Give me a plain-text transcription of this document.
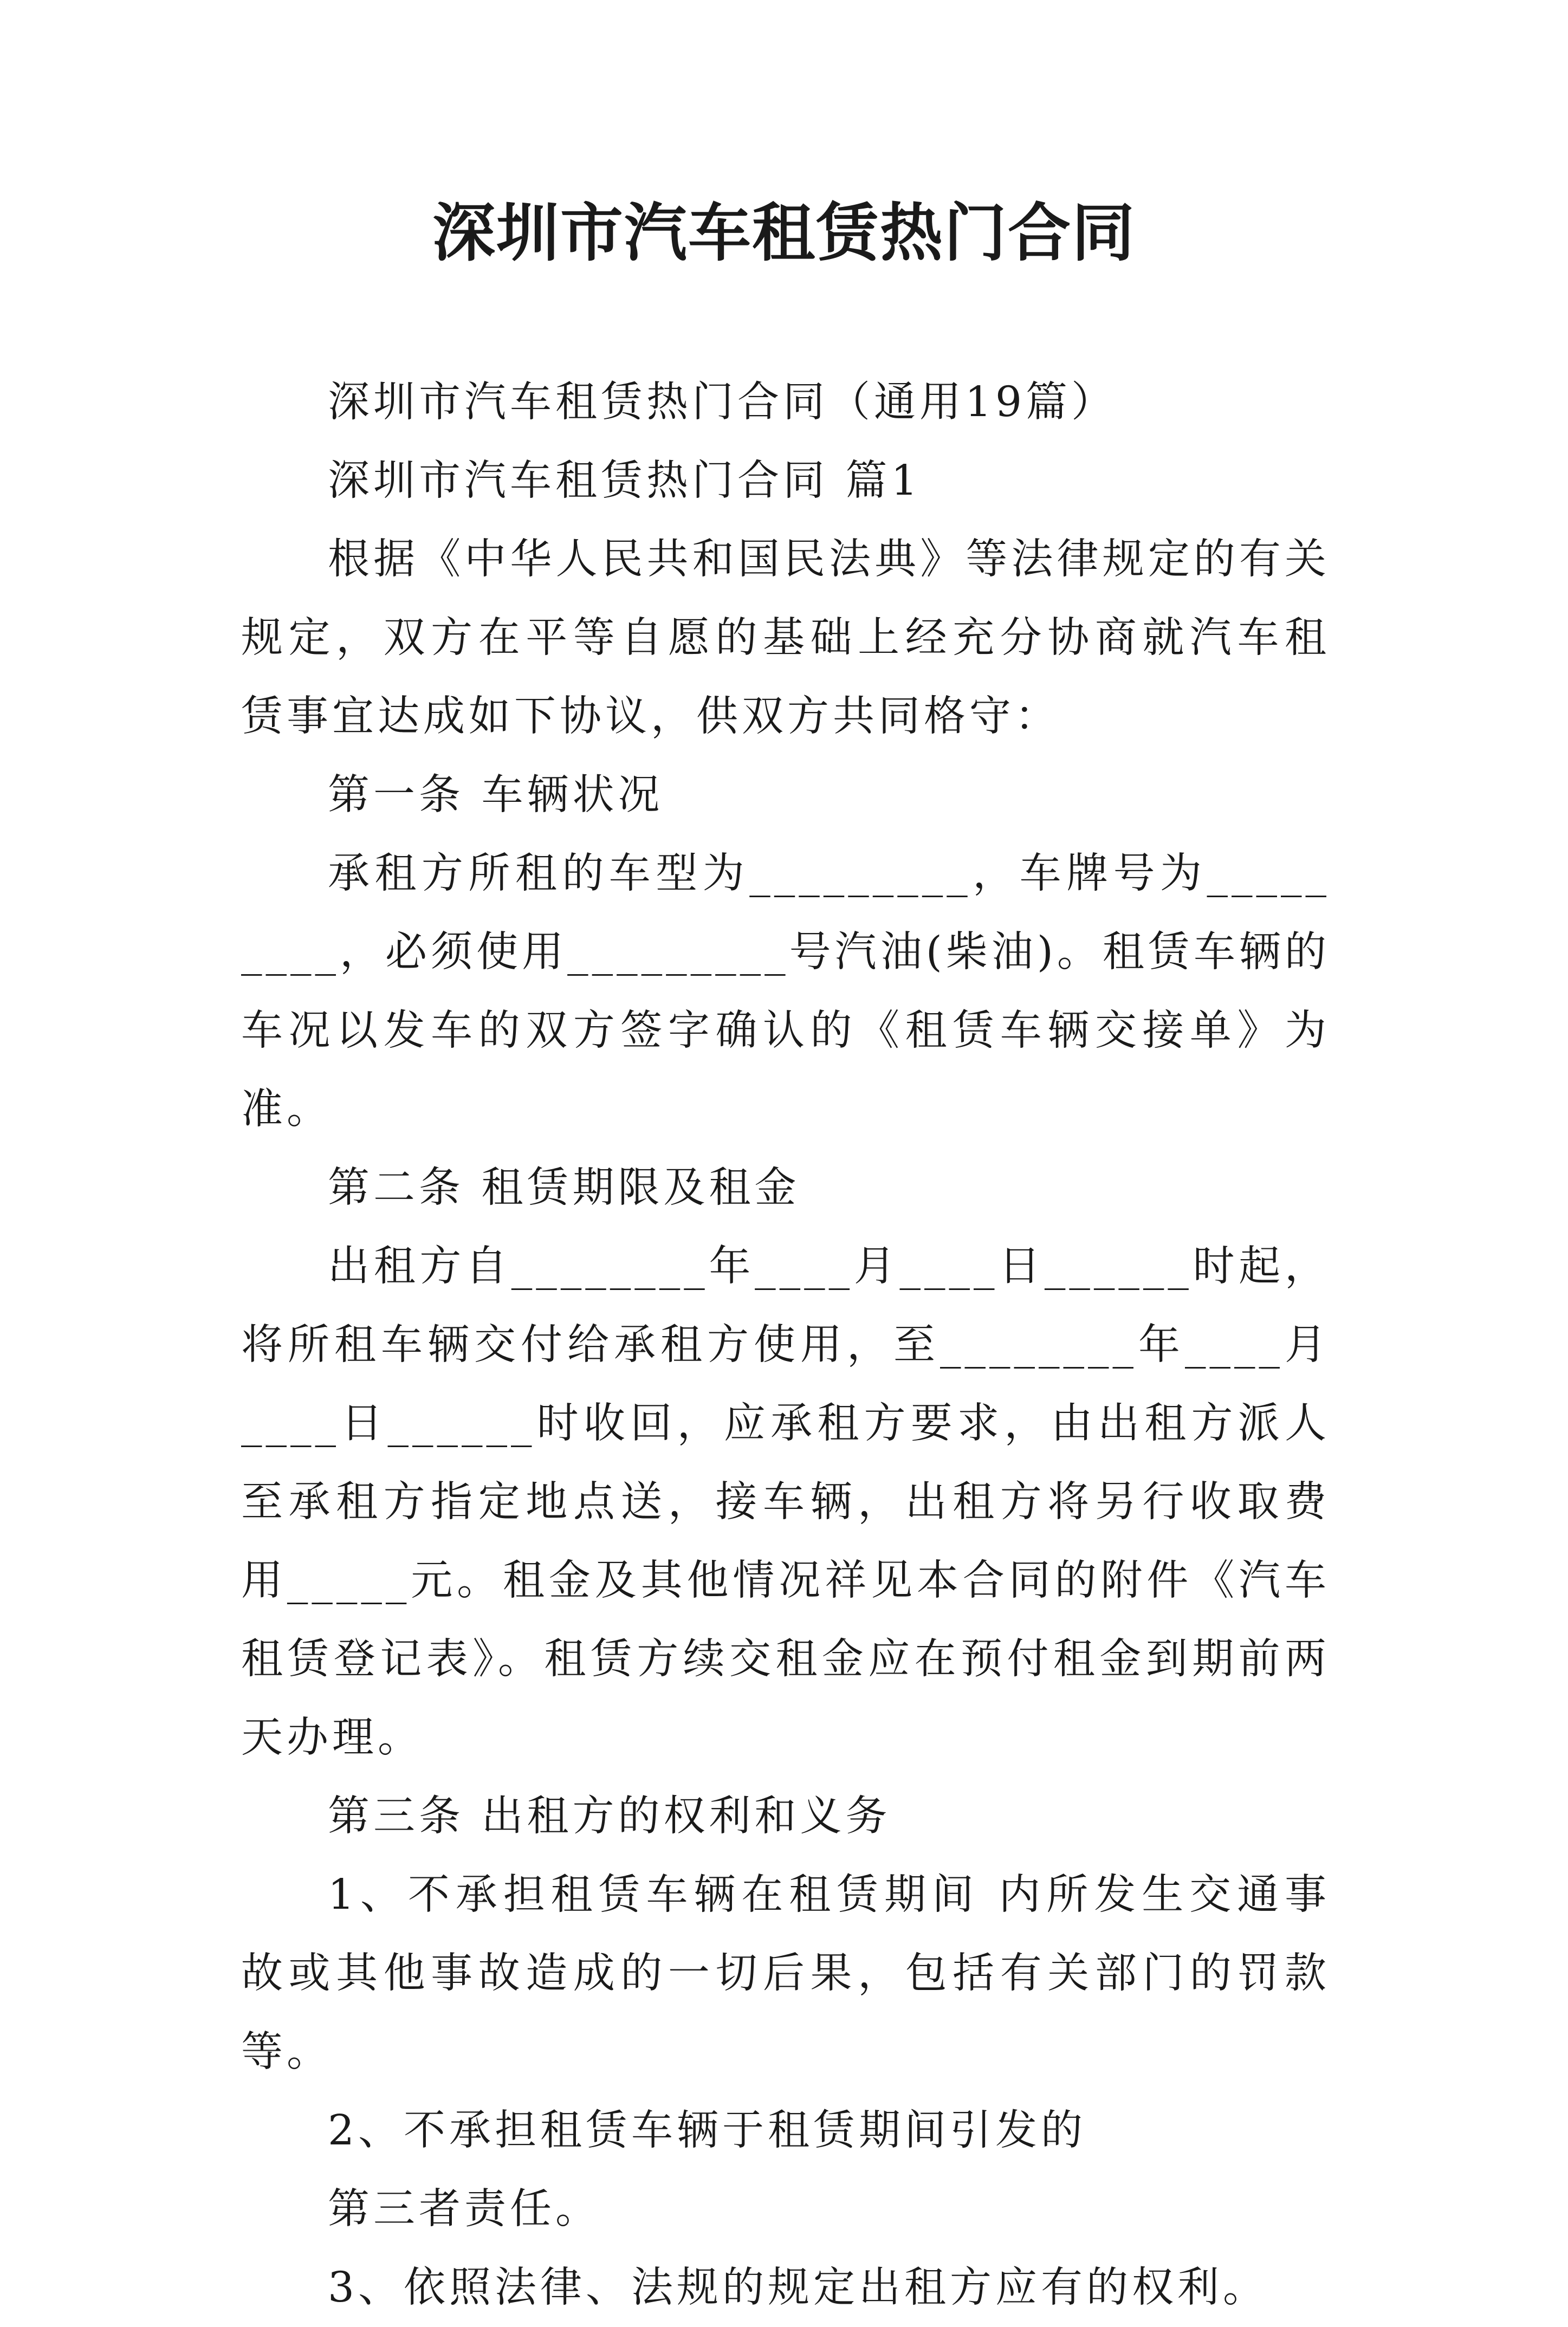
深圳市汽车租赁热门合同

深圳市汽车租赁热门合同（通用19篇）

深圳市汽车租赁热门合同 篇1

根据《中华人民共和国民法典》等法律规定的有关规定，双方在平等自愿的基础上经充分协商就汽车租赁事宜达成如下协议，供双方共同格守：

第一条 车辆状况

承租方所租的车型为_________，车牌号为_________，必须使用_________号汽油(柴油)。租赁车辆的车况以发车的双方签字确认的《租赁车辆交接单》为准。

第二条 租赁期限及租金

出租方自________年____月____日______时起，将所租车辆交付给承租方使用，至________年____月____日______时收回，应承租方要求，由出租方派人至承租方指定地点送，接车辆，出租方将另行收取费用_____元。租金及其他情况祥见本合同的附件《汽车租赁登记表》。租赁方续交租金应在预付租金到期前两天办理。

第三条 出租方的权利和义务

1、不承担租赁车辆在租赁期间 内所发生交通事故或其他事故造成的一切后果，包括有关部门的罚款等。

2、不承担租赁车辆于租赁期间引发的

第三者责任。

3、依照法律、法规的规定出租方应有的权利。
